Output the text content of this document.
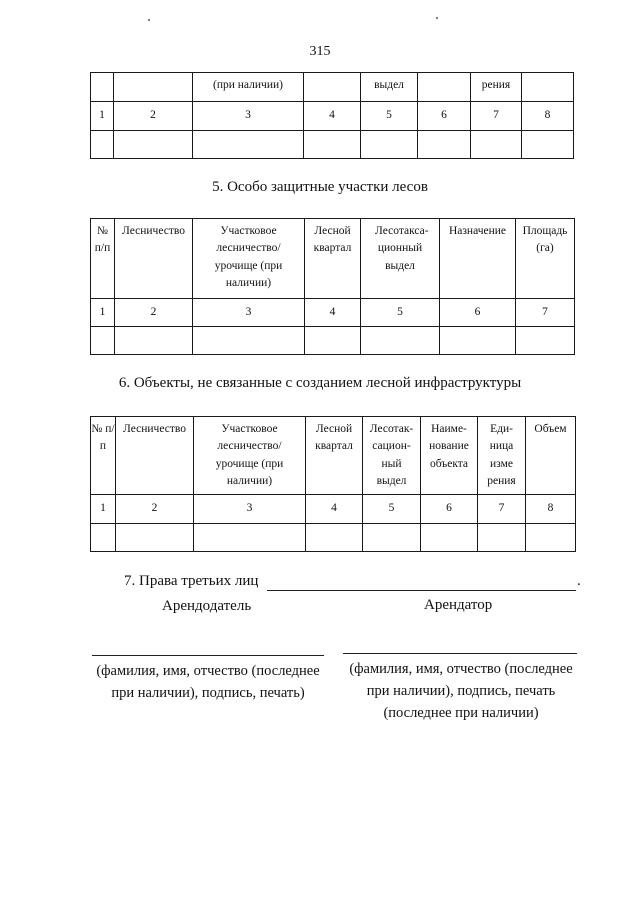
315
		(при наличии)		выдел		рения	
1	2	3	4	5	6	7	8

5. Особо защитные участки лесов
№ п/п	Лесничество	Участковое лесничество/ урочище (при наличии)	Лесной квартал	Лесотакса-ционный выдел	Назначение	Площадь (га)
1	2	3	4	5	6	7

6. Объекты, не связанные с созданием лесной инфраструктуры
№ п/п	Лесничество	Участковое лесничество/ урочище (при наличии)	Лесной квартал	Лесотак-сацион-ный выдел	Наиме-нование объекта	Еди-ница изме рения	Объем
1	2	3	4	5	6	7	8

7. Права третьих лиц	.
Арендодатель	Арендатор
(фамилия, имя, отчество (последнее при наличии), подпись, печать)
(фамилия, имя, отчество (последнее при наличии), подпись, печать (последнее при наличии)
